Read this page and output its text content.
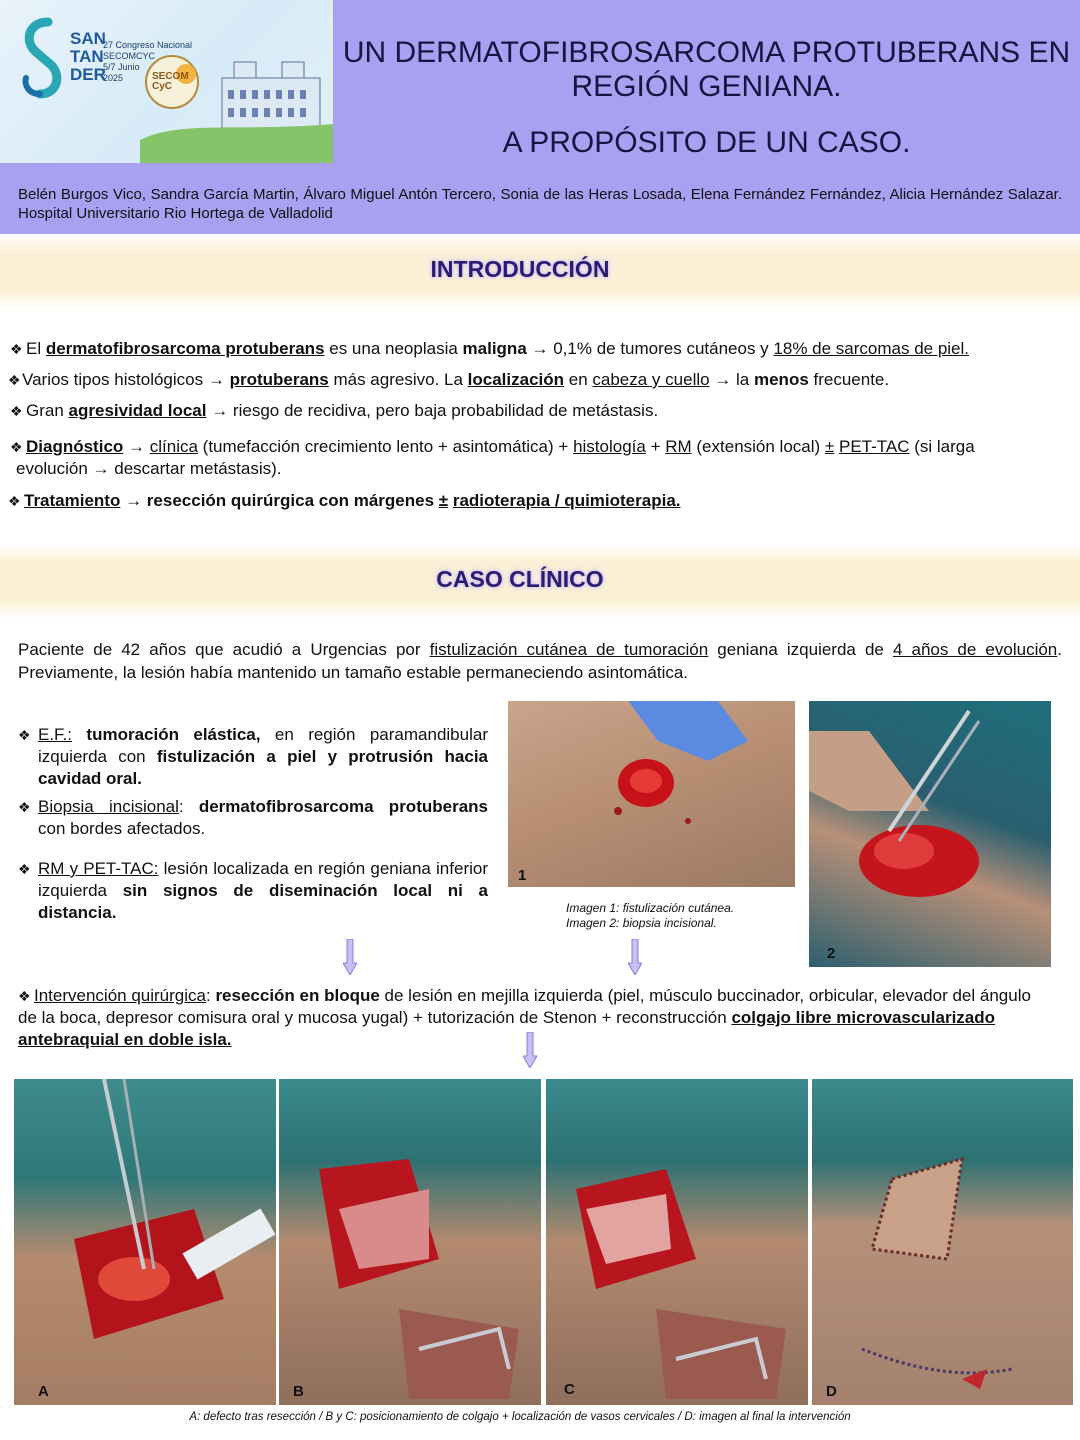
SAN
TAN
DER
27 Congreso Nacional
SECOMCYC
5/7 Junio
2025	SECOM
CyC
UN DERMATOFIBROSARCOMA PROTUBERANS EN
REGIÓN GENIANA.
A PROPÓSITO DE UN CASO.
Belén Burgos Vico, Sandra García Martin, Álvaro Miguel Antón Tercero, Sonia de las Heras Losada, Elena Fernández Fernández, Alicia Hernández Salazar. Hospital Universitario Rio Hortega de Valladolid
INTRODUCCIÓN
❖ El dermatofibrosarcoma protuberans es una neoplasia maligna → 0,1% de tumores cutáneos y 18% de sarcomas de piel.
❖Varios tipos histológicos → protuberans más agresivo. La localización en cabeza y cuello → la menos frecuente.
❖ Gran agresividad local → riesgo de recidiva, pero baja probabilidad de metástasis.
❖ Diagnóstico → clínica (tumefacción crecimiento lento + asintomática) + histología + RM (extensión local) ± PET-TAC (si larga
evolución → descartar metástasis).
❖ Tratamiento → resección quirúrgica con márgenes ± radioterapia / quimioterapia.
CASO CLÍNICO
Paciente de 42 años que acudió a Urgencias por fistulización cutánea de tumoración geniana izquierda de 4 años de evolución. Previamente, la lesión había mantenido un tamaño estable permaneciendo asintomática.
❖ E.F.: tumoración elástica, en región paramandibular izquierda con fistulización a piel y protrusión hacia cavidad oral.
❖ Biopsia incisional: dermatofibrosarcoma protuberans con bordes afectados.
❖ RM y PET-TAC: lesión localizada en región geniana inferior izquierda sin signos de diseminación local ni a distancia.
1
Imagen 1: fistulización cutánea.
Imagen 2: biopsia incisional.
2
❖ Intervención quirúrgica: resección en bloque de lesión en mejilla izquierda (piel, músculo buccinador, orbicular, elevador del ángulo de la boca, depresor comisura oral y mucosa yugal) + tutorización de Stenon + reconstrucción colgajo libre microvascularizado antebraquial en doble isla.
A	B	C	D
A: defecto tras resección / B y C: posicionamiento de colgajo + localización de vasos cervicales / D: imagen al final la intervención
